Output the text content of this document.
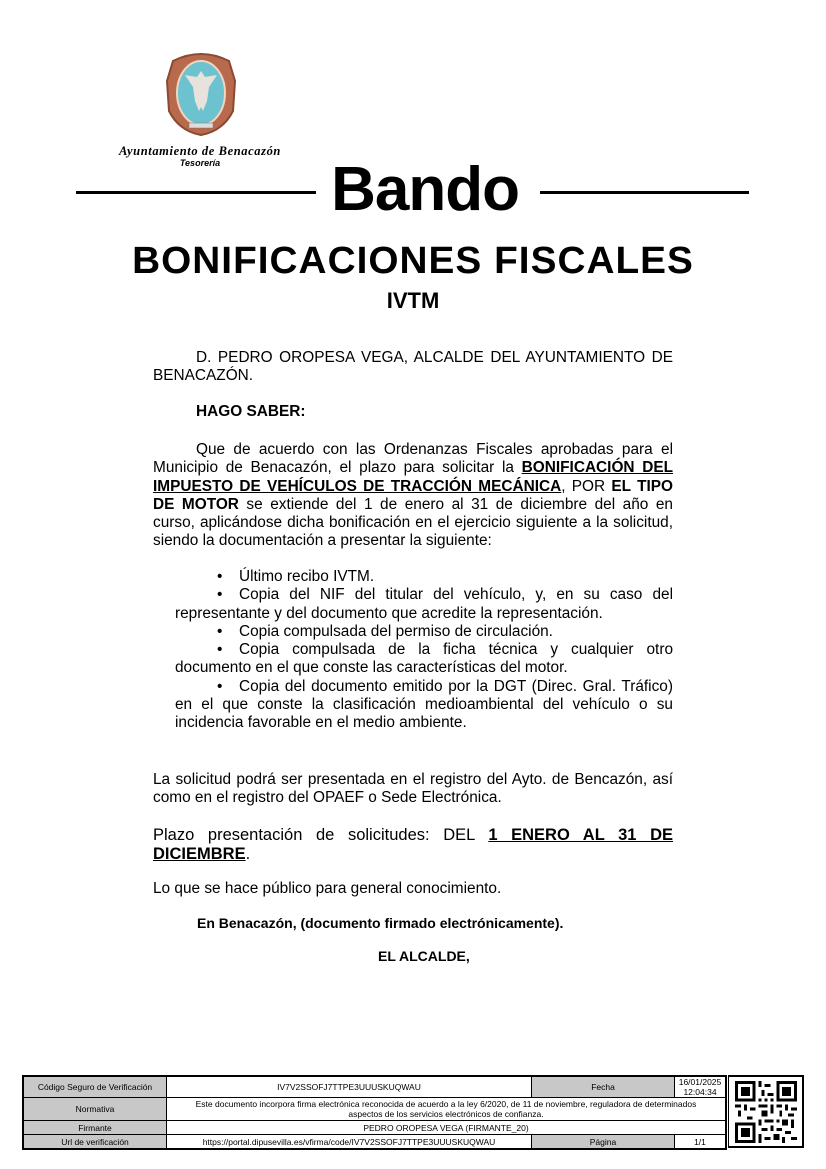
Ayuntamiento de Benacazón
Tesorería	Bando
BONIFICACIONES FISCALES
IVTM

D. PEDRO OROPESA VEGA, ALCALDE DEL AYUNTAMIENTO DE BENACAZÓN.

HAGO SABER:

Que de acuerdo con las Ordenanzas Fiscales aprobadas para el Municipio de Benacazón, el plazo para solicitar la BONIFICACIÓN DEL IMPUESTO DE VEHÍCULOS DE TRACCIÓN MECÁNICA, POR EL TIPO DE MOTOR se extiende del 1 de enero al 31 de diciembre del año en curso, aplicándose dicha bonificación en el ejercicio siguiente a la solicitud, siendo la documentación a presentar la siguiente:

• Último recibo IVTM.

• Copia del NIF del titular del vehículo, y, en su caso del representante y del documento que acredite la representación.

• Copia compulsada del permiso de circulación.

• Copia compulsada de la ficha técnica y cualquier otro documento en el que conste las características del motor.

• Copia del documento emitido por la DGT (Direc. Gral. Tráfico) en el que conste la clasificación medioambiental del vehículo o su incidencia favorable en el medio ambiente.

La solicitud podrá ser presentada en el registro del Ayto. de Bencazón, así como en el registro del OPAEF o Sede Electrónica.

Plazo presentación de solicitudes: DEL 1 ENERO AL 31 DE DICIEMBRE.

Lo que se hace público para general conocimiento.

En Benacazón, (documento firmado electrónicamente).

EL ALCALDE,

Código Seguro de Verificación	IV7V2SSOFJ7TTPE3UUUSKUQWAU	Fecha	16/01/2025 12:04:34
Normativa	Este documento incorpora firma electrónica reconocida de acuerdo a la ley 6/2020, de 11 de noviembre, reguladora de determinados aspectos de los servicios electrónicos de confianza.		
Firmante	PEDRO OROPESA VEGA (FIRMANTE_20)		
Url de verificación	https://portal.dipusevilla.es/vfirma/code/IV7V2SSOFJ7TTPE3UUUSKUQWAU	Página	1/1
